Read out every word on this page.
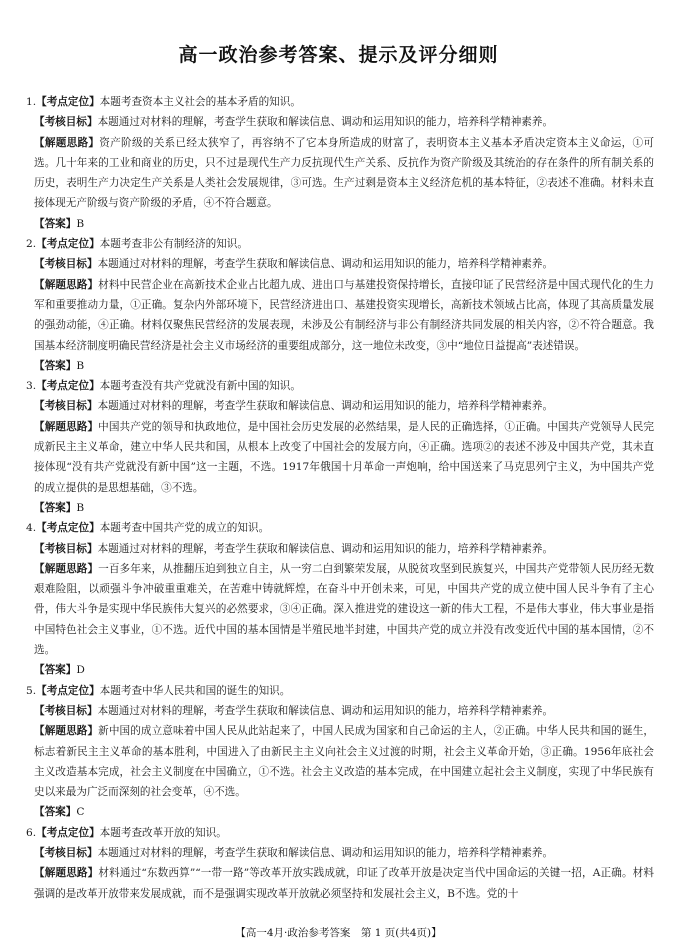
高一政治参考答案、提示及评分细则

1.【考点定位】本题考查资本主义社会的基本矛盾的知识。

【考核目标】本题通过对材料的理解，考查学生获取和解读信息、调动和运用知识的能力，培养科学精神素养。

【解题思路】资产阶级的关系已经太狭窄了，再容纳不了它本身所造成的财富了，表明资本主义基本矛盾决定资本主义命运，①可选。几十年来的工业和商业的历史，只不过是现代生产力反抗现代生产关系、反抗作为资产阶级及其统治的存在条件的所有制关系的历史，表明生产力决定生产关系是人类社会发展规律，③可选。生产过剩是资本主义经济危机的基本特征，②表述不准确。材料未直接体现无产阶级与资产阶级的矛盾，④不符合题意。

【答案】B

2.【考点定位】本题考查非公有制经济的知识。

【考核目标】本题通过对材料的理解，考查学生获取和解读信息、调动和运用知识的能力，培养科学精神素养。

【解题思路】材料中民营企业在高新技术企业占比超九成、进出口与基建投资保持增长，直接印证了民营经济是中国式现代化的生力军和重要推动力量，①正确。复杂内外部环境下，民营经济进出口、基建投资实现增长，高新技术领域占比高，体现了其高质量发展的强劲动能，④正确。材料仅聚焦民营经济的发展表现，未涉及公有制经济与非公有制经济共同发展的相关内容，②不符合题意。我国基本经济制度明确民营经济是社会主义市场经济的重要组成部分，这一地位未改变，③中“地位日益提高”表述错误。

【答案】B

3.【考点定位】本题考查没有共产党就没有新中国的知识。

【考核目标】本题通过对材料的理解，考查学生获取和解读信息、调动和运用知识的能力，培养科学精神素养。

【解题思路】中国共产党的领导和执政地位，是中国社会历史发展的必然结果，是人民的正确选择，①正确。中国共产党领导人民完成新民主主义革命，建立中华人民共和国，从根本上改变了中国社会的发展方向，④正确。选项②的表述不涉及中国共产党，其未直接体现“没有共产党就没有新中国”这一主题，不选。1917年俄国十月革命一声炮响，给中国送来了马克思列宁主义，为中国共产党的成立提供的是思想基础，③不选。

【答案】B

4.【考点定位】本题考查中国共产党的成立的知识。

【考核目标】本题通过对材料的理解，考查学生获取和解读信息、调动和运用知识的能力，培养科学精神素养。

【解题思路】一百多年来，从推翻压迫到独立自主，从一穷二白到繁荣发展，从脱贫攻坚到民族复兴，中国共产党带领人民历经无数艰难险阻，以顽强斗争冲破重重难关，在苦难中铸就辉煌，在奋斗中开创未来，可见，中国共产党的成立使中国人民斗争有了主心骨，伟大斗争是实现中华民族伟大复兴的必然要求，③④正确。深入推进党的建设这一新的伟大工程，不是伟大事业，伟大事业是指中国特色社会主义事业，①不选。近代中国的基本国情是半殖民地半封建，中国共产党的成立并没有改变近代中国的基本国情，②不选。

【答案】D

5.【考点定位】本题考查中华人民共和国的诞生的知识。

【考核目标】本题通过对材料的理解，考查学生获取和解读信息、调动和运用知识的能力，培养科学精神素养。

【解题思路】新中国的成立意味着中国人民从此站起来了，中国人民成为国家和自己命运的主人，②正确。中华人民共和国的诞生，标志着新民主主义革命的基本胜利，中国进入了由新民主主义向社会主义过渡的时期，社会主义革命开始，③正确。1956年底社会主义改造基本完成，社会主义制度在中国确立，①不选。社会主义改造的基本完成，在中国建立起社会主义制度，实现了中华民族有史以来最为广泛而深刻的社会变革，④不选。

【答案】C

6.【考点定位】本题考查改革开放的知识。

【考核目标】本题通过对材料的理解，考查学生获取和解读信息、调动和运用知识的能力，培养科学精神素养。

【解题思路】材料通过“东数西算”“一带一路”等改革开放实践成就，印证了改革开放是决定当代中国命运的关键一招，A正确。材料强调的是改革开放带来发展成就，而不是强调实现改革开放就必须坚持和发展社会主义，B不选。党的十

【高一4月·政治参考答案　第 1 页(共4页)】
